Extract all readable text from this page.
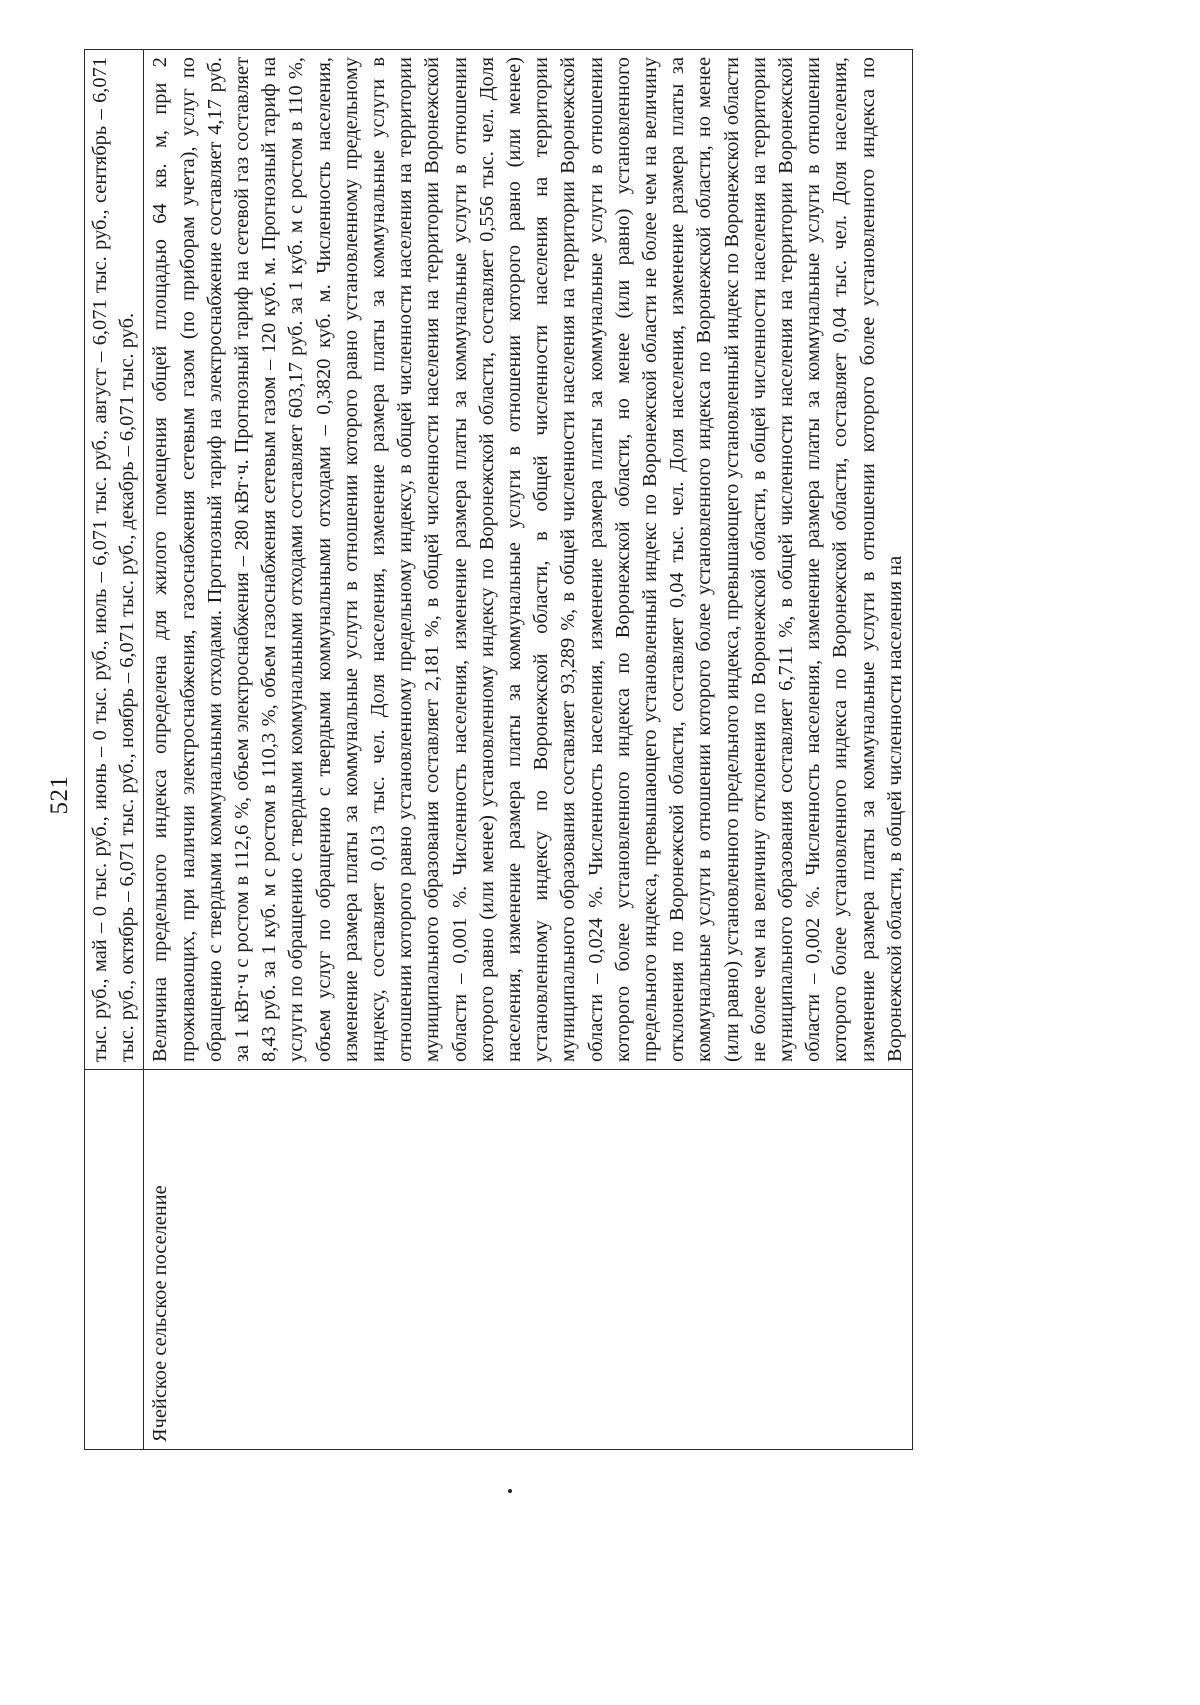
521
	тыс. руб., май – 0 тыс. руб., июнь – 0 тыс. руб., июль – 6,071 тыс. руб., август – 6,071 тыс. руб., сентябрь – 6,071 тыс. руб., октябрь – 6,071 тыс. руб., ноябрь – 6,071 тыс. руб., декабрь – 6,071 тыс. руб.
Ячейское сельское поселение	Величина предельного индекса определена для жилого помещения общей площадью 64 кв. м, при 2 проживающих, при наличии электроснабжения, газоснабжения сетевым газом (по приборам учета), услуг по обращению с твердыми коммунальными отходами. Прогнозный тариф на электроснабжение составляет 4,17 руб. за 1 кВт·ч с ростом в 112,6 %, объем электроснабжения – 280 кВт·ч. Прогнозный тариф на сетевой газ составляет 8,43 руб. за 1 куб. м с ростом в 110,3 %, объем газоснабжения сетевым газом – 120 куб. м. Прогнозный тариф на услуги по обращению с твердыми коммунальными отходами составляет 603,17 руб. за 1 куб. м с ростом в 110 %, объем услуг по обращению с твердыми коммунальными отходами – 0,3820 куб. м. Численность населения, изменение размера платы за коммунальные услуги в отношении которого равно установленному предельному индексу, составляет 0,013 тыс. чел. Доля населения, изменение размера платы за коммунальные услуги в отношении которого равно установленному предельному индексу, в общей численности населения на территории муниципального образования составляет 2,181 %, в общей численности населения на территории Воронежской области – 0,001 %. Численность населения, изменение размера платы за коммунальные услуги в отношении которого равно (или менее) установленному индексу по Воронежской области, составляет 0,556 тыс. чел. Доля населения, изменение размера платы за коммунальные услуги в отношении которого равно (или менее) установленному индексу по Воронежской области, в общей численности населения на территории муниципального образования составляет 93,289 %, в общей численности населения на территории Воронежской области – 0,024 %. Численность населения, изменение размера платы за коммунальные услуги в отношении которого более установленного индекса по Воронежской области, но менее (или равно) установленного предельного индекса, превышающего установленный индекс по Воронежской области не более чем на величину отклонения по Воронежской области, составляет 0,04 тыс. чел. Доля населения, изменение размера платы за коммунальные услуги в отношении которого более установленного индекса по Воронежской области, но менее (или равно) установленного предельного индекса, превышающего установленный индекс по Воронежской области не более чем на величину отклонения по Воронежской области, в общей численности населения на территории муниципального образования составляет 6,711 %, в общей численности населения на территории Воронежской области – 0,002 %. Численность населения, изменение размера платы за коммунальные услуги в отношении которого более установленного индекса по Воронежской области, составляет 0,04 тыс. чел. Доля населения, изменение размера платы за коммунальные услуги в отношении которого более установленного индекса по Воронежской области, в общей численности населения на
